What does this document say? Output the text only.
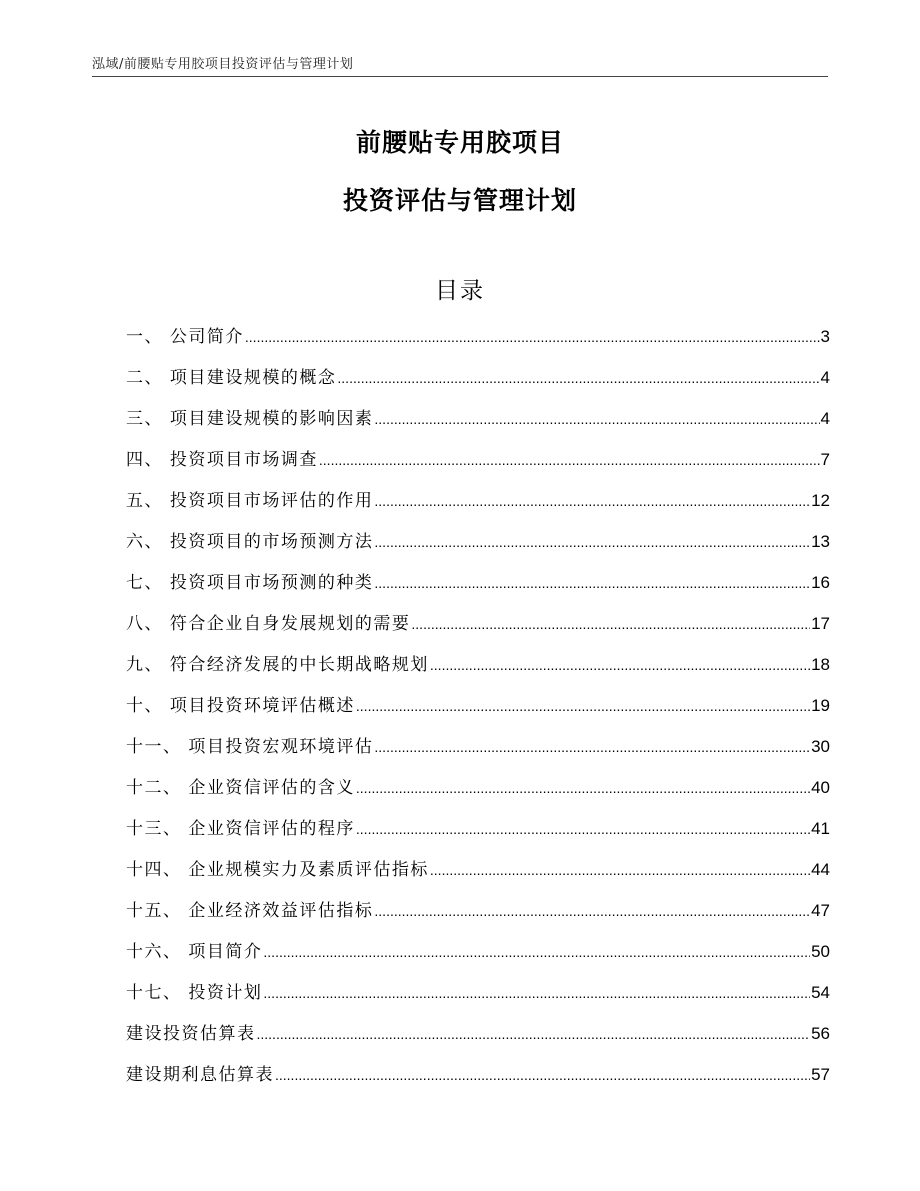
泓域/前腰贴专用胶项目投资评估与管理计划
前腰贴专用胶项目
投资评估与管理计划
目录
一、 公司简介 .....	3
二、 项目建设规模的概念 .....	4
三、 项目建设规模的影响因素 .....	4
四、 投资项目市场调查 .....	7
五、 投资项目市场评估的作用 .....	12
六、 投资项目的市场预测方法 .....	13
七、 投资项目市场预测的种类 .....	16
八、 符合企业自身发展规划的需要 .....	17
九、 符合经济发展的中长期战略规划 .....	18
十、 项目投资环境评估概述 .....	19
十一、 项目投资宏观环境评估 .....	30
十二、 企业资信评估的含义 .....	40
十三、 企业资信评估的程序 .....	41
十四、 企业规模实力及素质评估指标 .....	44
十五、 企业经济效益评估指标 .....	47
十六、 项目简介 .....	50
十七、 投资计划 .....	54
建设投资估算表 .....	56
建设期利息估算表 .....	57
